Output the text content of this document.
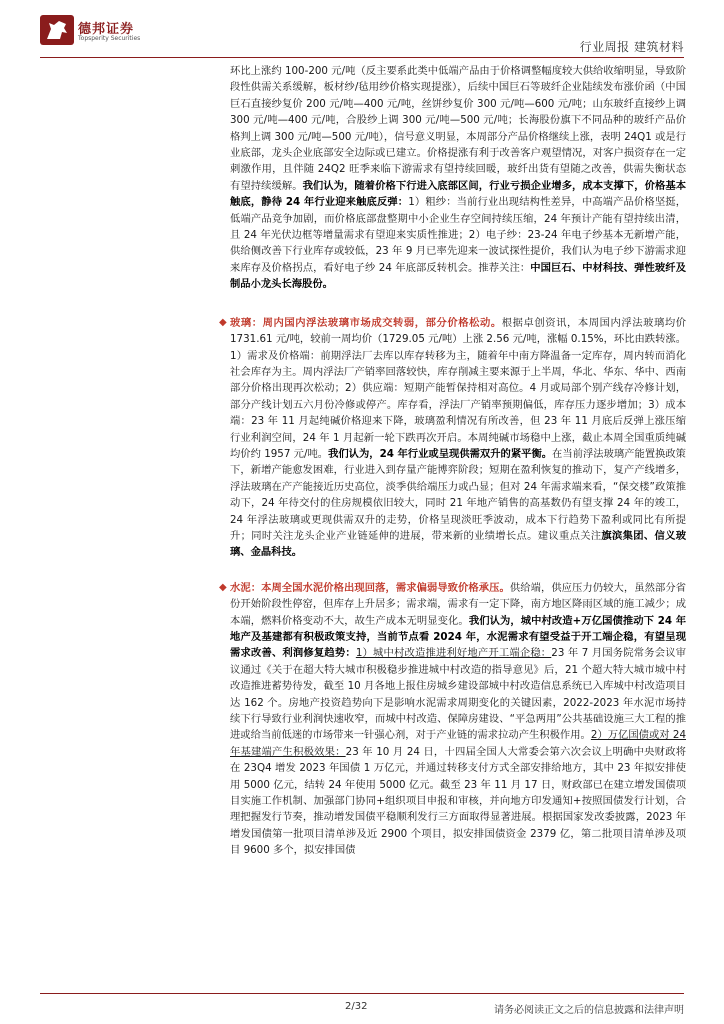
德邦证券
Topsperity Securities
行业周报 建筑材料

环比上涨约 100-200 元/吨（反主要系此类中低端产品由于价格调整幅度较大供给收缩明显，导致阶段性供需关系缓解，板材纱/毡用纱价格实现提涨），后续中国巨石等玻纤企业陆续发布涨价函（中国巨石直接纱复价 200 元/吨—400 元/吨，丝饼纱复价 300 元/吨—600 元/吨；山东玻纤直接纱上调 300 元/吨—400 元/吨，合股纱上调 300 元/吨—500 元/吨；长海股份旗下不同品种的玻纤产品价格判上调 300 元/吨—500 元/吨），信号意义明显，本周部分产品价格继续上涨，表明 24Q1 或是行业底部，龙头企业底部安全边际或已建立。价格提涨有利于改善客户观望情况，对客户损资存在一定刺激作用，且伴随 24Q2 旺季来临下游需求有望持续回暖，玻纤出货有望随之改善，供需失衡状态有望持续缓解。我们认为，随着价格下行进入底部区间，行业亏损企业增多，成本支撑下，价格基本触底，静待 24 年行业迎来触底反弹：1）粗纱：当前行业出现结构性差异，中高端产品价格坚挺，低端产品竞争加剧，而价格底部盘整期中小企业生存空间持续压缩，24 年预计产能有望持续出清，且 24 年光伏边框等增量需求有望迎来实质性推进；2）电子纱：23-24 年电子纱基本无新增产能，供给侧改善下行业库存或较低，23 年 9 月已率先迎来一波试探性提价，我们认为电子纱下游需求迎来库存及价格拐点，看好电子纱 24 年底部反转机会。推荐关注：中国巨石、中材科技、弹性玻纤及制品小龙头长海股份。

◆ 玻璃：周内国内浮法玻璃市场成交转弱，部分价格松动。根据卓创资讯，本周国内浮法玻璃均价 1731.61 元/吨，较前一周均价（1729.05 元/吨）上涨 2.56 元/吨，涨幅 0.15%，环比由跌转涨。1）需求及价格端：前期浮法厂去库以库存转移为主，随着年中南方降温备一定库存，周内转而消化社会库存为主。周内浮法厂产销率回落较快，库存削减主要来源于上半周，华北、华东、华中、西南部分价格出现再次松动；2）供应端：短期产能暂保持相对高位。4 月或局部个别产线存冷修计划，部分产线计划五六月份冷修或停产。库存看，浮法厂产销率预期偏低，库存压力逐步增加；3）成本端：23 年 11 月起纯碱价格迎来下降，玻璃盈利情况有所改善，但 23 年 11 月底后反弹上涨压缩行业利润空间，24 年 1 月起新一轮下跌再次开启。本周纯碱市场稳中上涨，截止本周全国重质纯碱均价约 1957 元/吨。我们认为，24 年行业或呈现供需双升的紧平衡。在当前浮法玻璃产能置换政策下，新增产能愈发困难，行业进入到存量产能博弈阶段；短期在盈利恢复的推动下，复产产线增多，浮法玻璃在产产能接近历史高位，淡季供给端压力或凸显；但对 24 年需求端来看，“保交楼”政策推动下，24 年待交付的住房规模依旧较大，同时 21 年地产销售的高基数仍有望支撑 24 年的竣工，24 年浮法玻璃或更现供需双升的走势，价格呈现淡旺季波动，成本下行趋势下盈利或同比有所提升；同时关注龙头企业产业链延伸的进展，带来新的业绩增长点。建议重点关注旗滨集团、信义玻璃、金晶科技。

◆ 水泥：本周全国水泥价格出现回落，需求偏弱导致价格承压。供给端，供应压力仍较大，虽然部分省份开始阶段性停窑，但库存上升居多；需求端，需求有一定下降，南方地区降雨区域的施工减少；成本端，燃料价格变动不大，故生产成本无明显变化。我们认为，城中村改造+万亿国债推动下 24 年地产及基建都有积极政策支持，当前节点看 2024 年，水泥需求有望受益于开工端企稳，有望呈现需求改善、利润修复趋势：1）城中村改造推进利好地产开工端企稳：23 年 7 月国务院常务会议审议通过《关于在超大特大城市积极稳步推进城中村改造的指导意见》后，21 个超大特大城市城中村改造推进蓄势待发，截至 10 月各地上报住房城乡建设部城中村改造信息系统已入库城中村改造项目达 162 个。房地产投资趋势向下是影响水泥需求周期变化的关键因素，2022-2023 年水泥市场持续下行导致行业利润快速收窄，而城中村改造、保障房建设、“平急两用”公共基础设施三大工程的推进或给当前低迷的市场带来一针强心剂，对于产业链的需求拉动产生积极作用。2）万亿国债或对 24 年基建端产生积极效果：23 年 10 月 24 日，十四届全国人大常委会第六次会议上明确中央财政将在 23Q4 增发 2023 年国债 1 万亿元，并通过转移支付方式全部安排给地方，其中 23 年拟安排使用 5000 亿元，结转 24 年使用 5000 亿元。截至 23 年 11 月 17 日，财政部已在建立增发国债项目实施工作机制、加强部门协同+组织项目申报和审核，并向地方印发通知+按照国债发行计划，合理把握发行节奏，推动增发国债平稳顺利发行三方面取得显著进展。根据国家发改委披露，2023 年增发国债第一批项目清单涉及近 2900 个项目，拟安排国债资金 2379 亿，第二批项目清单涉及项目 9600 多个，拟安排国债

2/32	请务必阅读正文之后的信息披露和法律声明
